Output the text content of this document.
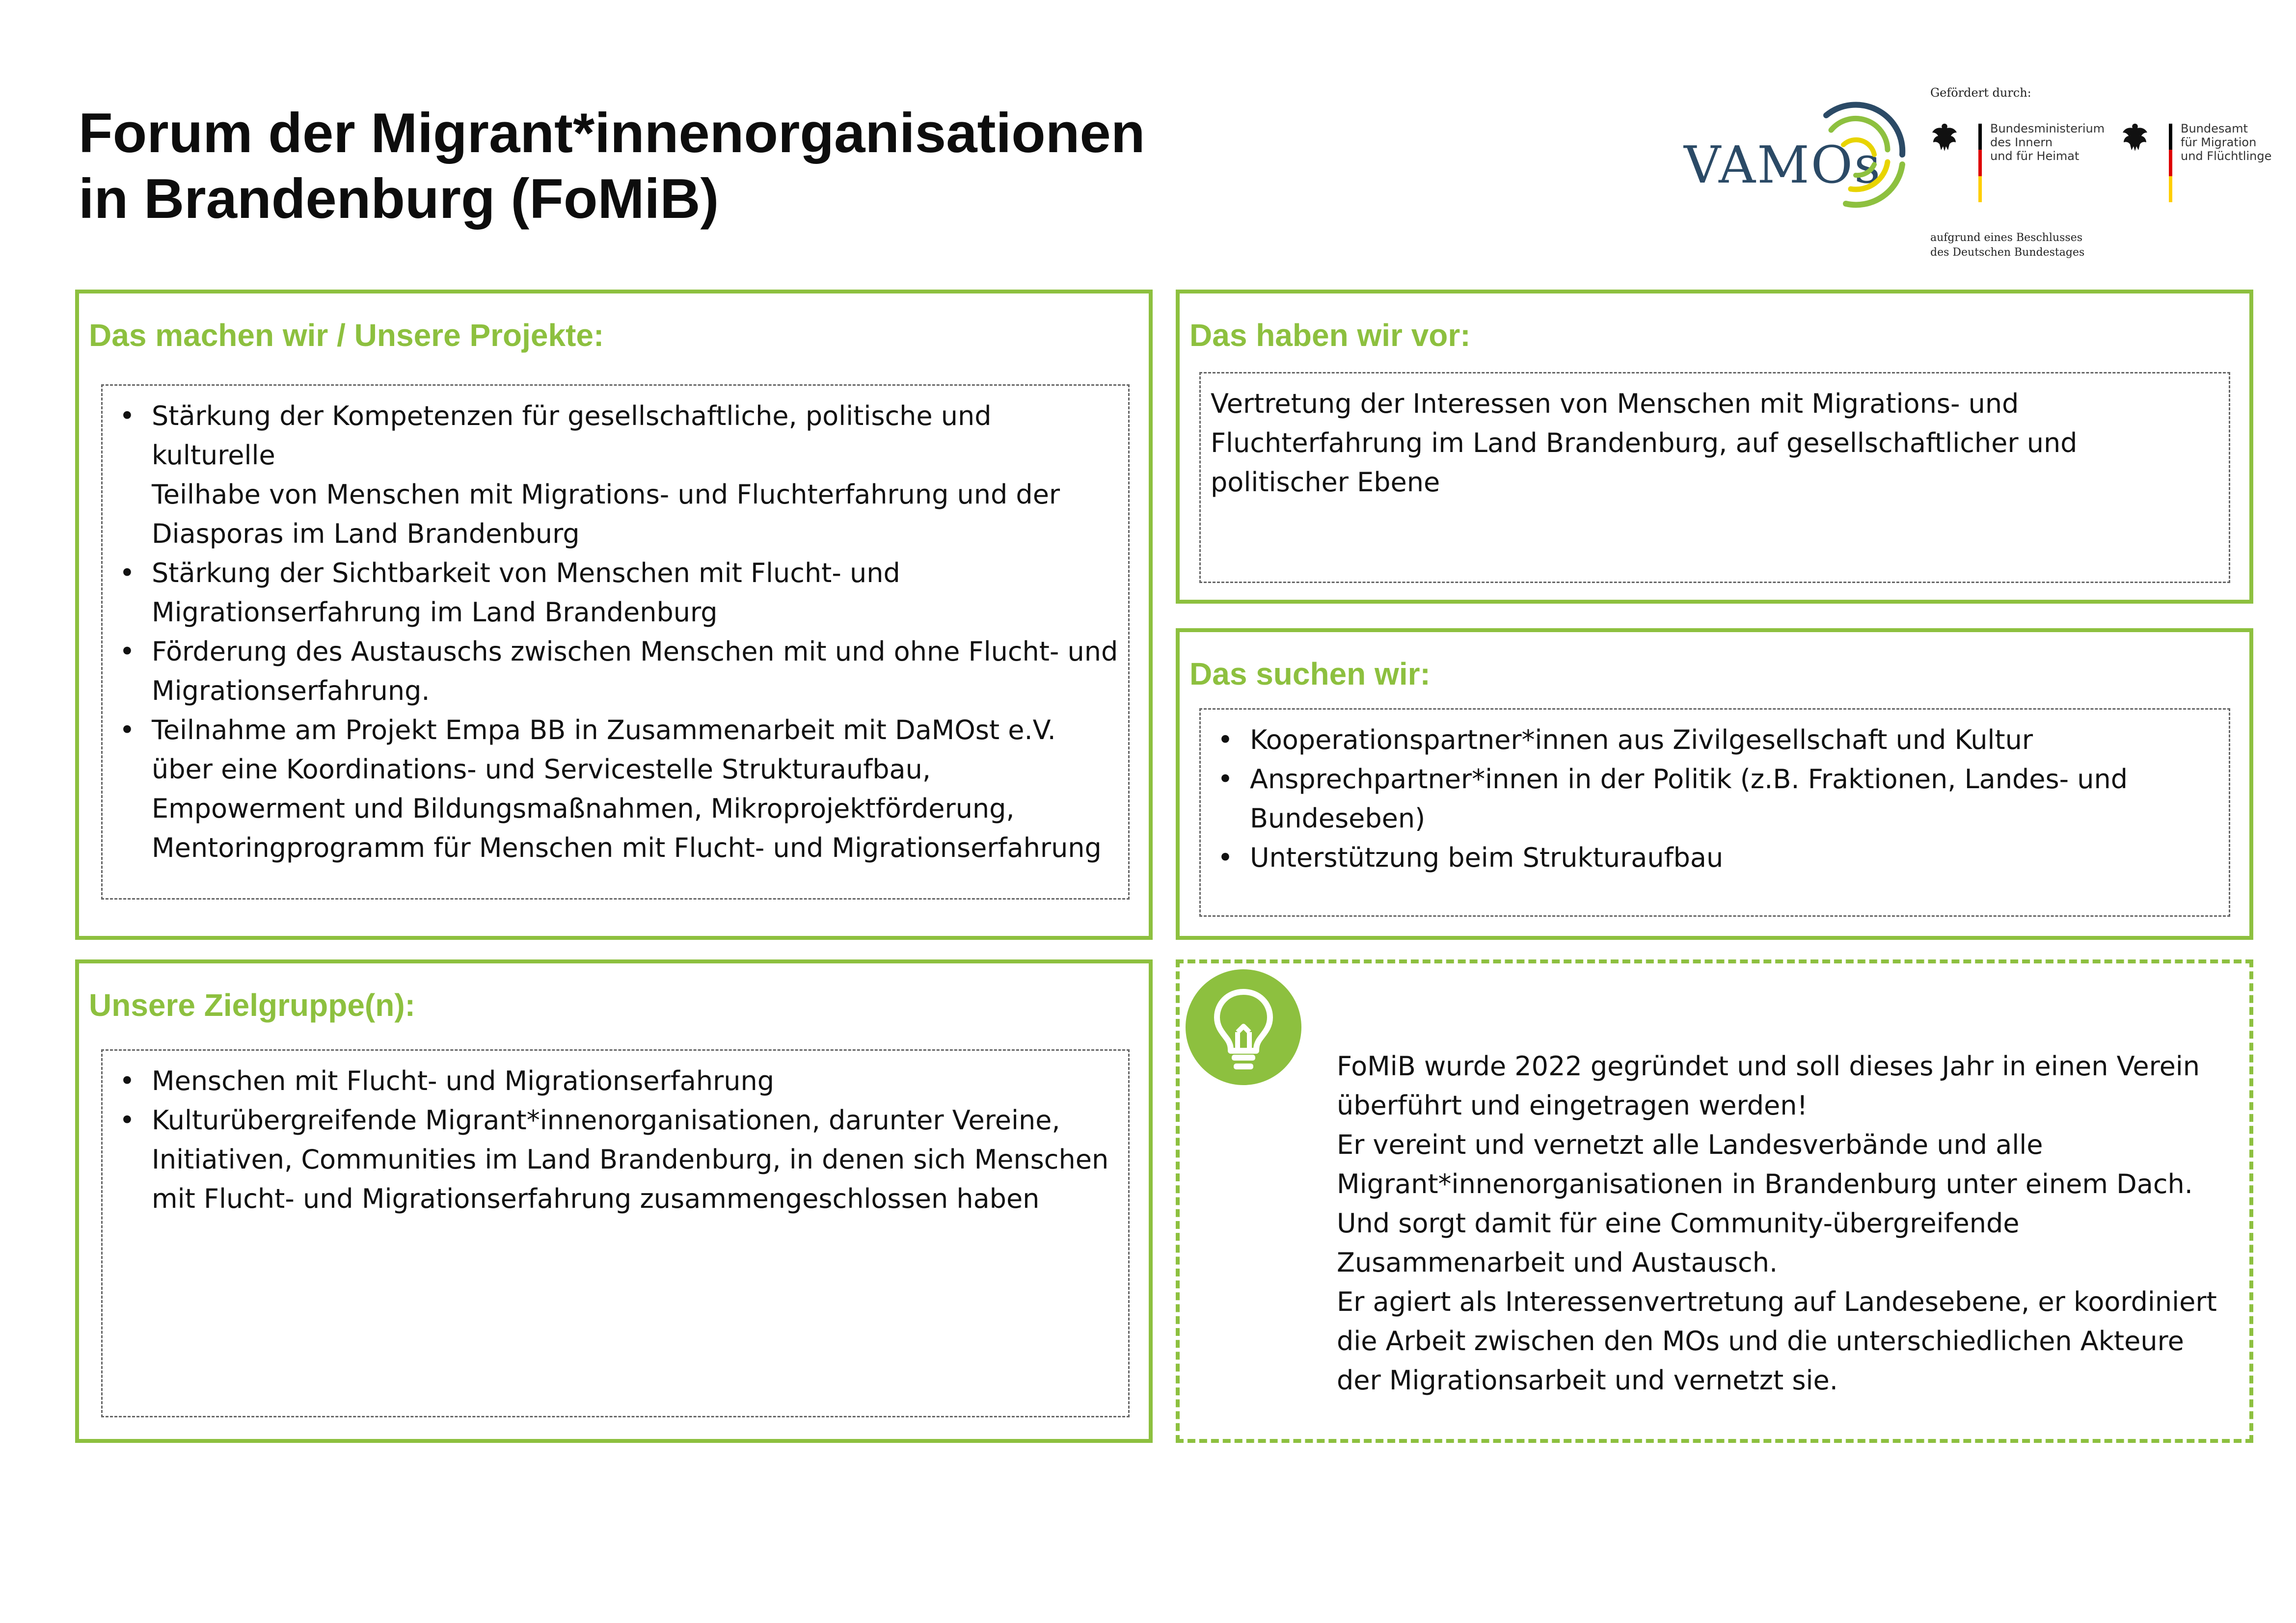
Forum der Migrant*innenorganisationen
in Brandenburg (FoMiB)
VAMOs
Gefördert durch:

Bundesministerium
des Innern
und für Heimat

Bundesamt
für Migration
und Flüchtlinge

aufgrund eines Beschlusses
des Deutschen Bundestages

Das machen wir / Unsere Projekte:
• Stärkung der Kompetenzen für gesellschaftliche, politische und kulturelle
Teilhabe von Menschen mit Migrations- und Fluchterfahrung und der
Diasporas im Land Brandenburg
• Stärkung der Sichtbarkeit von Menschen mit Flucht- und
Migrationserfahrung im Land Brandenburg
• Förderung des Austauschs zwischen Menschen mit und ohne Flucht- und
Migrationserfahrung.
• Teilnahme am Projekt Empa BB in Zusammenarbeit mit DaMOst e.V.
über eine Koordinations- und Servicestelle Strukturaufbau,
Empowerment und Bildungsmaßnahmen, Mikroprojektförderung,
Mentoringprogramm für Menschen mit Flucht- und Migrationserfahrung
Das haben wir vor:

Vertretung der Interessen von Menschen mit Migrations- und
Fluchterfahrung im Land Brandenburg, auf gesellschaftlicher und
politischer Ebene

Das suchen wir:
• Kooperationspartner*innen aus Zivilgesellschaft und Kultur
• Ansprechpartner*innen in der Politik (z.B. Fraktionen, Landes- und
Bundeseben)
• Unterstützung beim Strukturaufbau
Unsere Zielgruppe(n):
• Menschen mit Flucht- und Migrationserfahrung
• Kulturübergreifende Migrant*innenorganisationen, darunter Vereine,
Initiativen, Communities im Land Brandenburg, in denen sich Menschen
mit Flucht- und Migrationserfahrung zusammengeschlossen haben

FoMiB wurde 2022 gegründet und soll dieses Jahr in einen Verein
überführt und eingetragen werden!
Er vereint und vernetzt alle Landesverbände und alle
Migrant*innenorganisationen in Brandenburg unter einem Dach.
Und sorgt damit für eine Community-übergreifende
Zusammenarbeit und Austausch.
Er agiert als Interessenvertretung auf Landesebene, er koordiniert
die Arbeit zwischen den MOs und die unterschiedlichen Akteure
der Migrationsarbeit und vernetzt sie.
